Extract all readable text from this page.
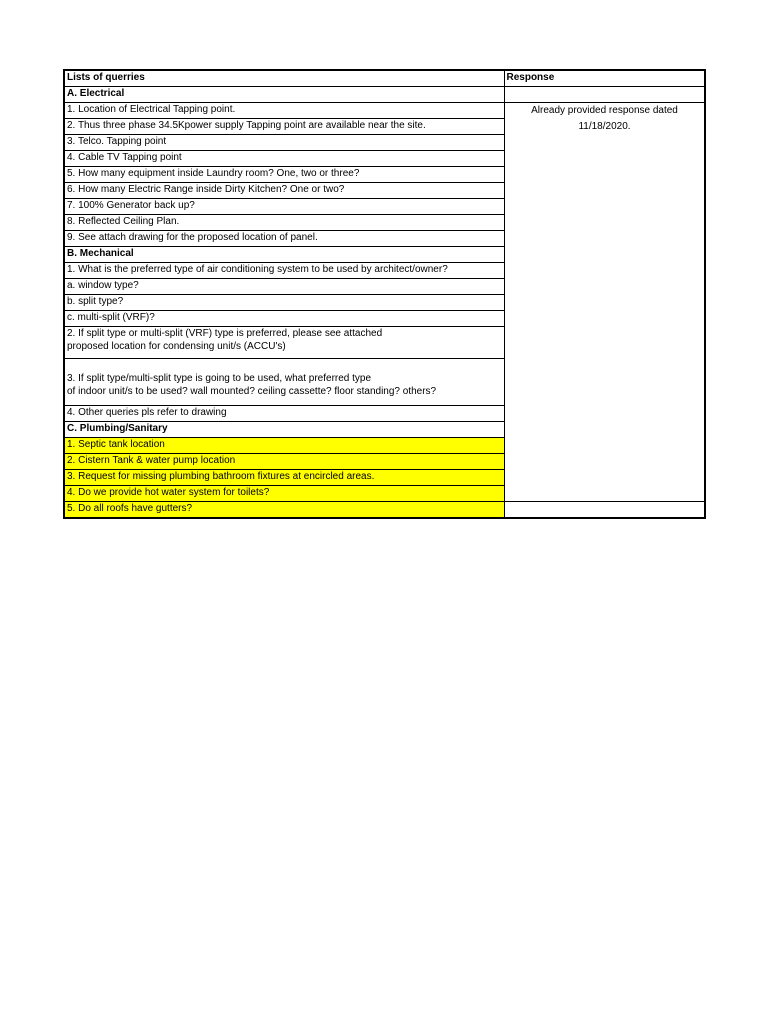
Lists of querries	Response	
A. Electrical		
1. Location of Electrical Tapping point.	Already provided response dated
11/18/2020.	

2. Thus three phase 34.5Kpower supply Tapping point are available near the site.		
3. Telco. Tapping point		
4. Cable TV Tapping point		
5. How many equipment inside Laundry room? One, two or three?		
6. How many Electric Range inside Dirty Kitchen? One or two?		
7. 100% Generator back up?		
8. Reflected Ceiling Plan.		
9. See attach drawing for the proposed location of panel.		
B. Mechanical		
1. What is the preferred type of air conditioning system to be used by architect/owner?		
a. window type?		
b. split type?		
c. multi-split (VRF)?		

2. If split type or multi-split (VRF) type is preferred, please see attached
proposed location for condensing unit/s (ACCU's)		

3. If split type/multi-split type is going to be used, what preferred type
of indoor unit/s to be used? wall mounted? ceiling cassette? floor standing? others?		

4. Other queries pls refer to drawing		
C. Plumbing/Sanitary		
1. Septic tank location		
2. Cistern Tank & water pump location		
3. Request for missing plumbing bathroom fixtures at encircled areas.		
4. Do we provide hot water system for toilets?		
5. Do all roofs have gutters?		
